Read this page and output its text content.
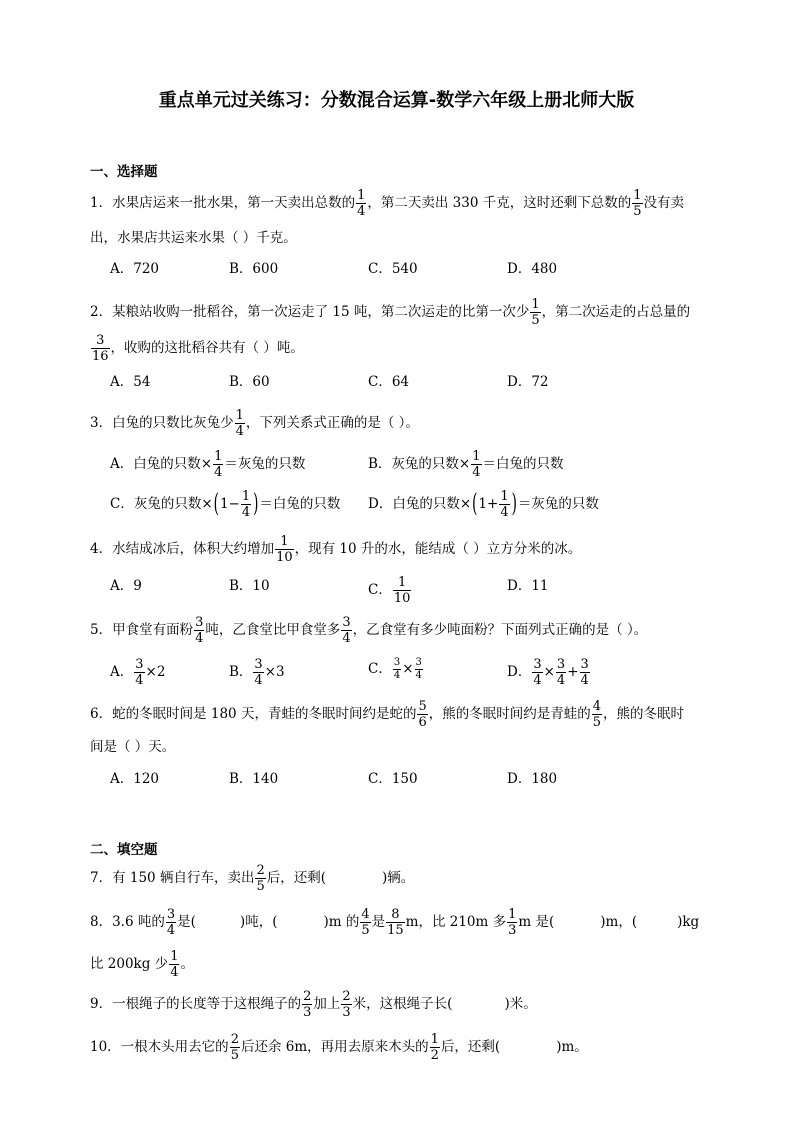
重点单元过关练习：分数混合运算-数学六年级上册北师大版
一、选择题
1．水果店运来一批水果，第一天卖出总数的 $\frac{1}{4}$ ，第二天卖出 330 千克，这时还剩下总数的 $\frac{1}{5}$ 没有卖
出，水果店共运来水果（ ）千克。
A．720	B．600	C．540	D．480
2．某粮站收购一批稻谷，第一次运走了 15 吨，第二次运走的比第一次少 $\frac{1}{5}$ ，第二次运走的占总量的
$\frac{3}{16}$ ，收购的这批稻谷共有（ ）吨。
A．54	B．60	C．64	D．72
3．白兔的只数比灰兔少 $\frac{1}{4}$ ，下列关系式正确的是（ ）。
A．白兔的只数× $\frac{1}{4}$ ＝灰兔的只数	B．灰兔的只数× $\frac{1}{4}$ ＝白兔的只数
C．灰兔的只数$\times(1- \frac{1}{4}$ )＝白兔的只数 D．白兔的只数$\times(1+ \frac{1}{4}$ )＝灰兔的只数
4．水结成冰后，体积大约增加 $\frac{1}{10}$ ，现有 10 升的水，能结成（ ）立方分米的冰。
A．9	B．10	C． $\frac{1}{10}$	D．11
5．甲食堂有面粉 $\frac{3}{4}$ 吨，乙食堂比甲食堂多 $\frac{3}{4}$ ，乙食堂有多少吨面粉？下面列式正确的是（ ）。
A． $\frac{3}{4} \times 2$	B． $\frac{3}{4} \times 3$	C． $\frac{3}{4} \times \frac{3}{4}$	D． $\frac{3}{4} \times \frac{3}{4} + \frac{3}{4}$
6．蛇的冬眠时间是 180 天，青蛙的冬眠时间约是蛇的 $\frac{5}{6}$ ，熊的冬眠时间约是青蛙的 $\frac{4}{5}$ ，熊的冬眠时
间是（ ）天。
A．120	B．140	C．150	D．180
二、填空题
7．有 150 辆自行车，卖出 $\frac{2}{5}$ 后，还剩(	)辆。
8．3.6 吨的 $\frac{3}{4}$ 是(	)吨，(	)m 的 $\frac{4}{5}$ 是 $\frac{8}{15}$ m，比 210m 多 $\frac{1}{3}$ m 是(	)m，(	)kg
比 200kg 少 $\frac{1}{4}$ 。
9．一根绳子的长度等于这根绳子的 $\frac{2}{3}$ 加上 $\frac{2}{3}$ 米，这根绳子长(	)米。
10．一根木头用去它的 $\frac{2}{5}$ 后还余 6m，再用去原来木头的 $\frac{1}{2}$ 后，还剩(	)m。
